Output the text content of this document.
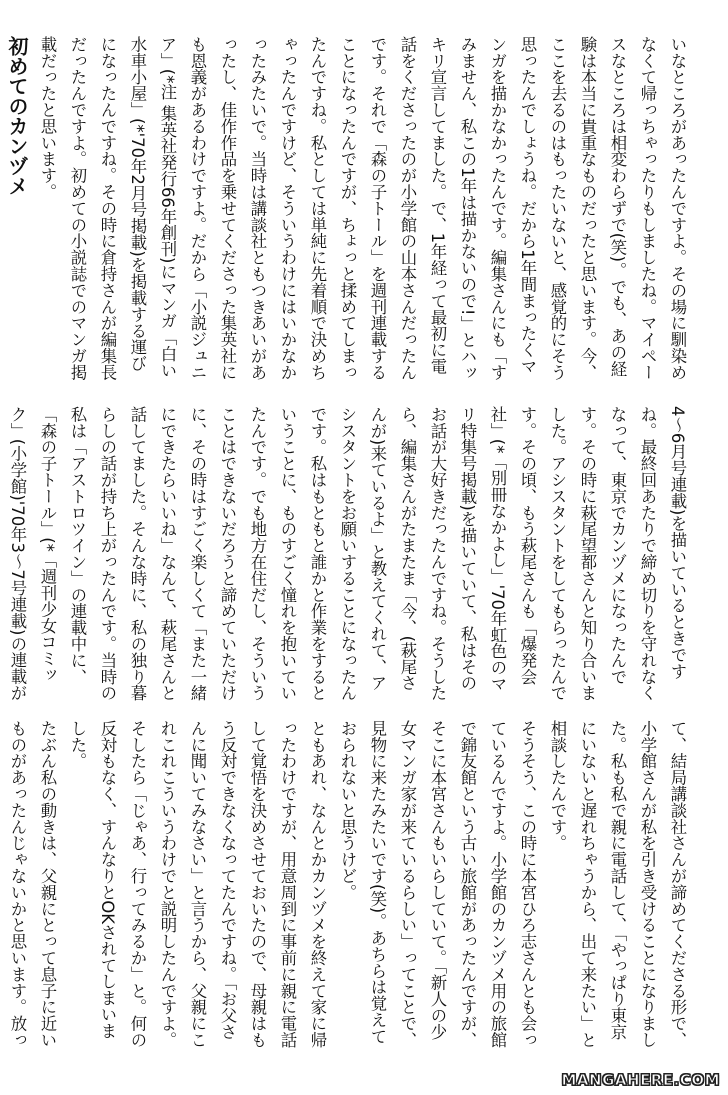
いなところがあったんですよ。その場に馴染めなくて帰っちゃったりもしましたね。マイペースなところは相変わらずで(笑)。でも、あの経験は本当に貴重なものだったと思います。今、ここを去るのはもったいないと、感覚的にそう思ったんでしょうね。だから1年間まったくマンガを描かなかったんです。編集さんにも「すみません、私この1年は描かないので!」とハッキリ宣言してました。で、1年経って最初に電話をくださったのが小学館の山本さんだったんです。それで「森の子トール」を週刊連載することになったんですが、ちょっと揉めてしまったんですね。私としては単純に先着順で決めちゃったんですけど、そういうわけにはいかなかったみたいで。当時は講談社ともつきあいがあったし、佳作作品を乗せてくださった集英社にも恩義があるわけですよ。だから「小説ジュニア」(*注 集英社発行66年創刊)にマンガ「白い水車小屋」(*'70年2月号掲載)を掲載する運びになったんですね。その時に倉持さんが編集長だったんですよ。初めての小説誌でのマンガ掲載だったと思います。
初めてのカンヅメ
4〜6月号連載)を描いているときですね。最終回あたりで締め切りを守れなくなって、東京でカンヅメになったんです。その時に萩尾望都さんと知り合いました。アシスタントをしてもらったんです。その頃、もう萩尾さんも「爆発会社」(*「別冊なかよし」'70年虹色のマリ特集号掲載)を描いていて、私はそのお話が大好きだったんですね。そうしたら、編集さんがたまたま「今、(萩尾さんが)来ているよ」と教えてくれて、アシスタントをお願いすることになったんです。私はもともと誰かと作業をするということに、ものすごく憧れを抱いていたんです。でも地方在住だし、そういうことはできないだろうと諦めていただけに、その時はすごく楽しくて「また一緒にできたらいいね」なんて、萩尾さんと話してました。そんな時に、私の独り暮らしの話が持ち上がったんです。当時の私は「アストロツイン」の連載中に、「森の子トール」(*「週刊少女コミック」(小学館)'70年3〜7号連載)の連載が
て、結局講談社さんが諦めてくださる形で、小学館さんが私を引き受けることになりました。私も私で親に電話して、「やっぱり東京にいないと遅れちゃうから、出て来たい」と相談したんです。
そうそう、この時に本宮ひろ志さんとも会っているんですよ。小学館のカンヅメ用の旅館で錦友館という古い旅館があったんですが、そこに本宮さんもいらしていて。「新人の少女マンガ家が来ているらしい」ってことで、見物に来たみたいです(笑)。あちらは覚えておられないと思うけど。
ともあれ、なんとかカンヅメを終えて家に帰ったわけですが、用意周到に事前に親に電話して覚悟を決めさせておいたので、母親はもう反対できなくなってたんですね。「お父さんに聞いてみなさい」と言うから、父親にこれこれこういうわけでと説明したんですよ。そしたら「じゃあ、行ってみるか」と。何の反対もなく、すんなりとOKされてしまいました。
たぶん私の動きは、父親にとって息子に近いものがあったんじゃないかと思います。放っ
MANGAHERE.COM
